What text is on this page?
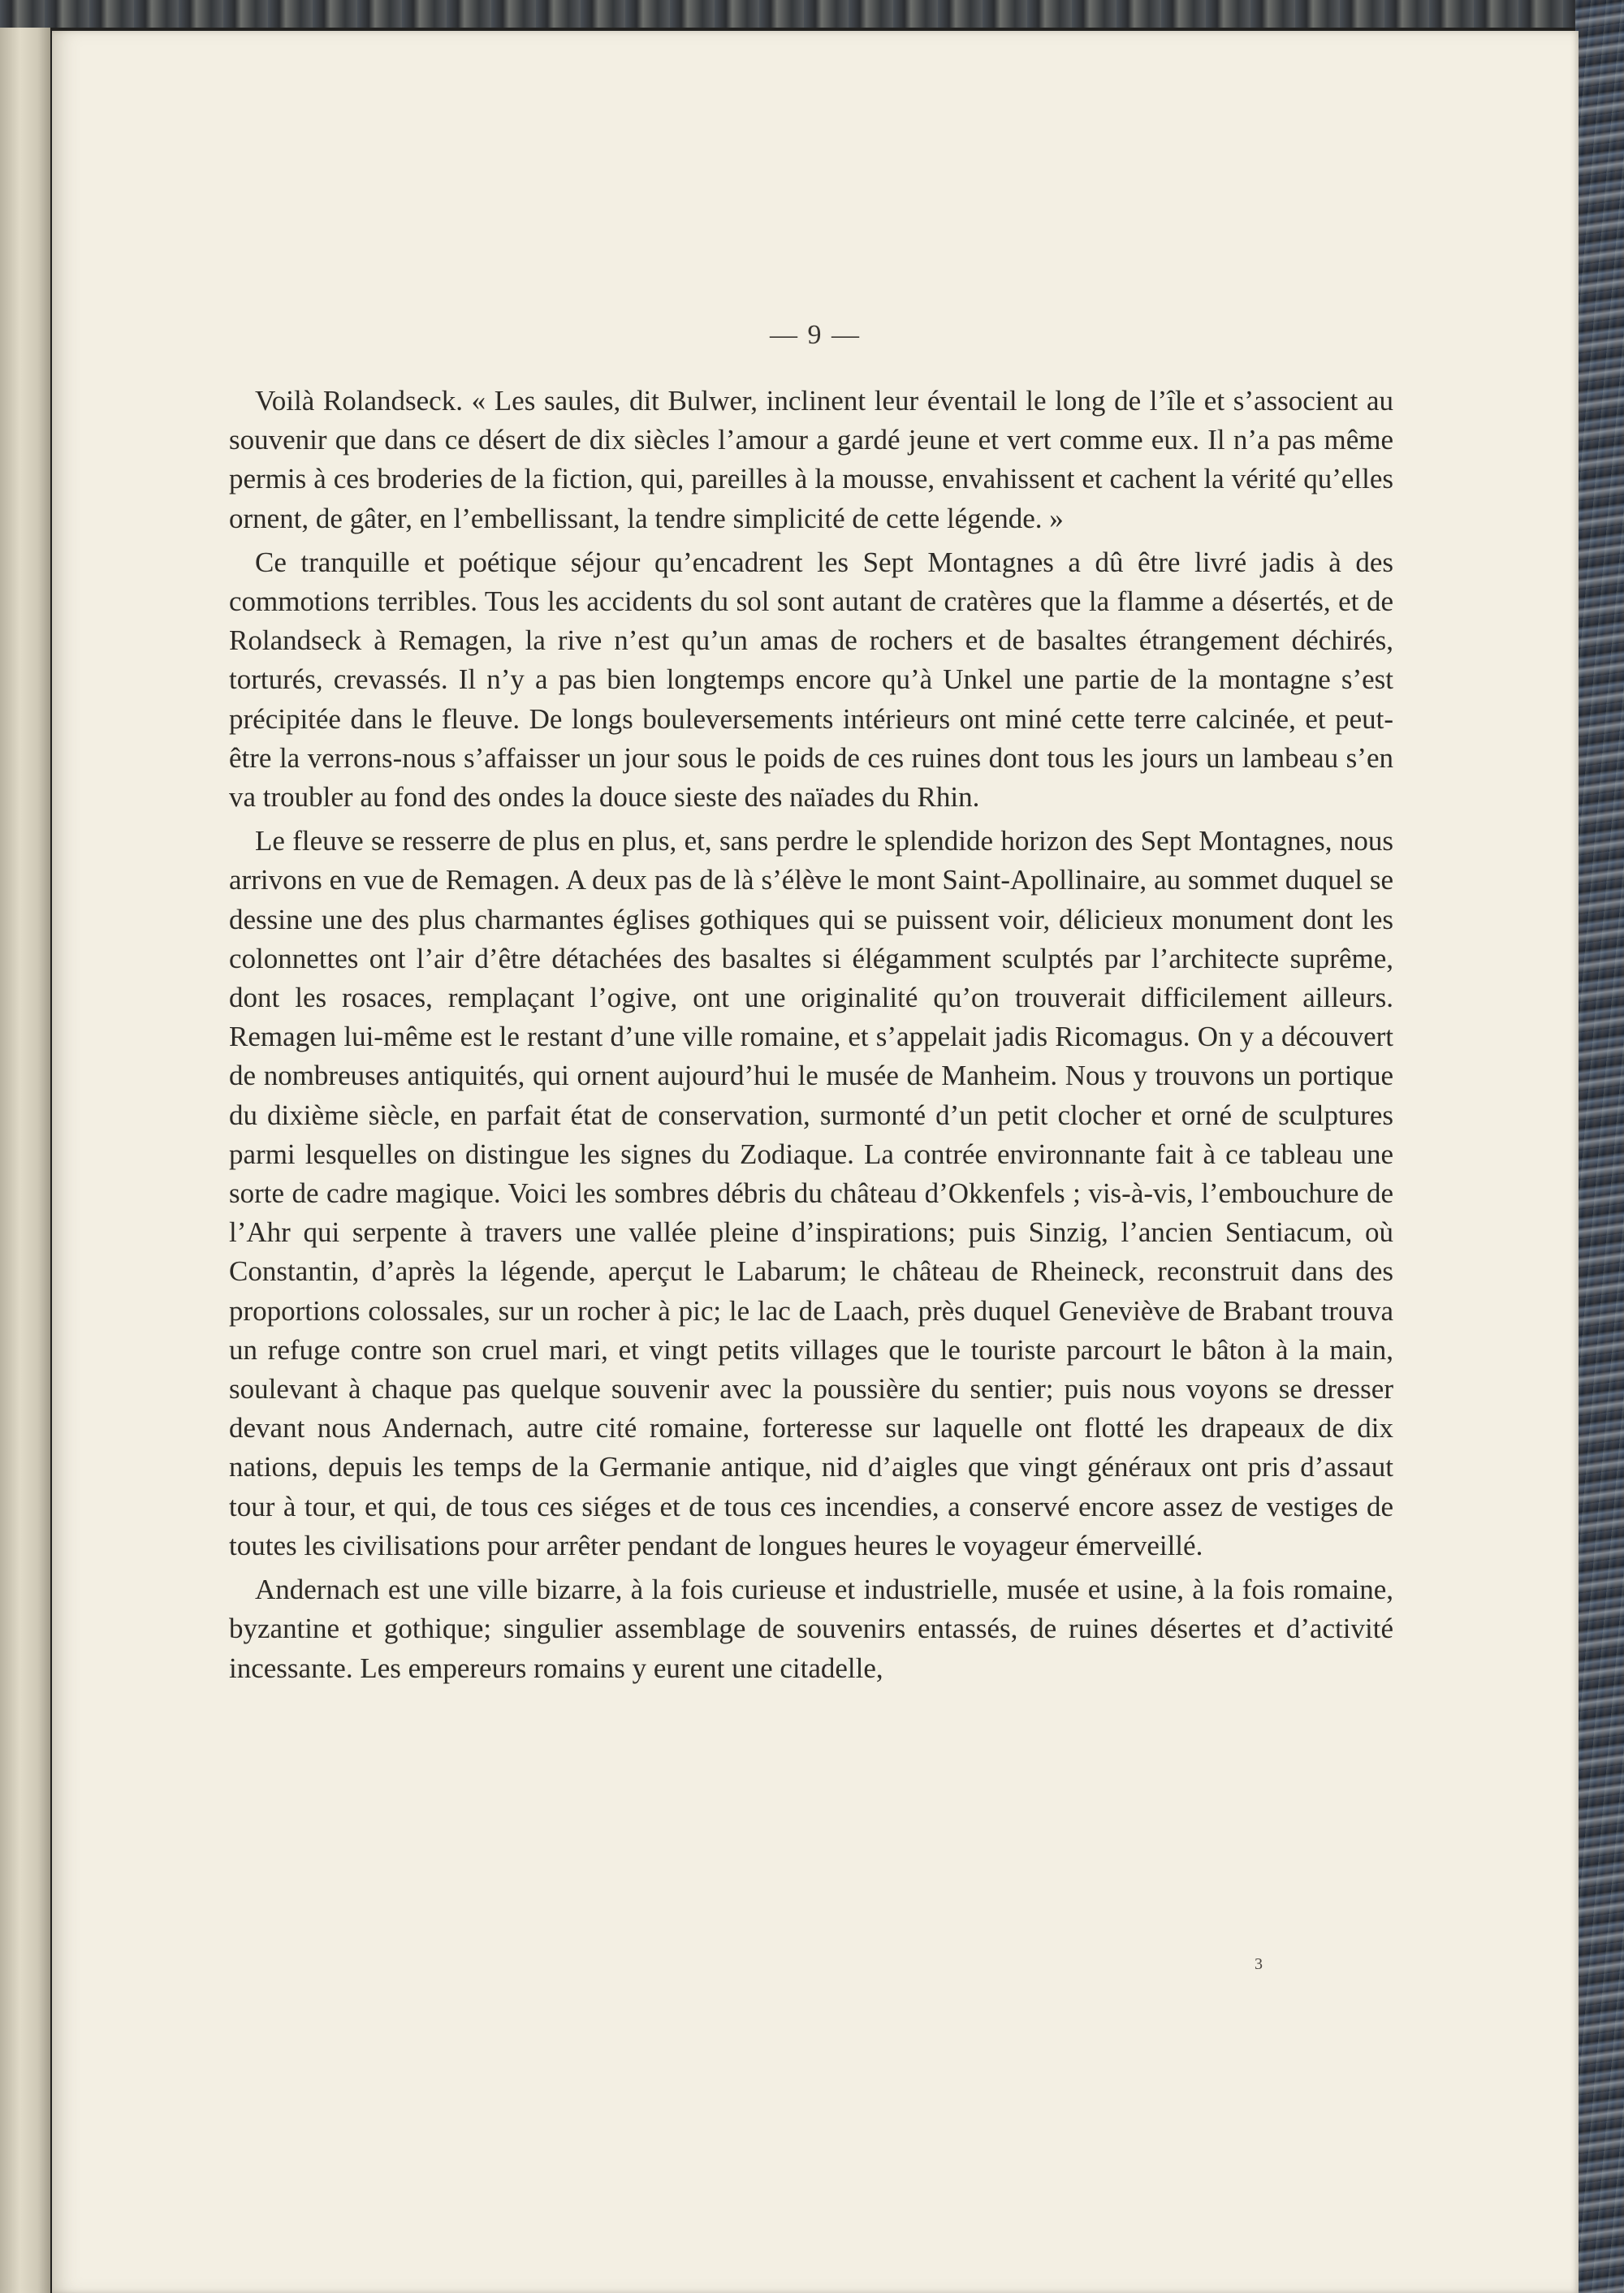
— 9 —

Voilà Rolandseck. « Les saules, dit Bulwer, inclinent leur éventail le long de l’île et s’associent au souvenir que dans ce désert de dix siècles l’amour a gardé jeune et vert comme eux. Il n’a pas même permis à ces broderies de la fiction, qui, pareilles à la mousse, envahissent et cachent la vérité qu’elles ornent, de gâter, en l’embellissant, la tendre simplicité de cette légende. »

Ce tranquille et poétique séjour qu’encadrent les Sept Montagnes a dû être livré jadis à des commotions terribles. Tous les accidents du sol sont autant de cratères que la flamme a désertés, et de Rolandseck à Remagen, la rive n’est qu’un amas de rochers et de basaltes étrangement déchirés, torturés, crevassés. Il n’y a pas bien longtemps encore qu’à Unkel une partie de la montagne s’est précipitée dans le fleuve. De longs bouleversements intérieurs ont miné cette terre calcinée, et peut-être la verrons-nous s’affaisser un jour sous le poids de ces ruines dont tous les jours un lambeau s’en va troubler au fond des ondes la douce sieste des naïades du Rhin.

Le fleuve se resserre de plus en plus, et, sans perdre le splendide horizon des Sept Montagnes, nous arrivons en vue de Remagen. A deux pas de là s’élève le mont Saint-Apollinaire, au sommet duquel se dessine une des plus charmantes églises gothiques qui se puissent voir, délicieux monument dont les colonnettes ont l’air d’être détachées des basaltes si élégamment sculptés par l’architecte suprême, dont les rosaces, remplaçant l’ogive, ont une originalité qu’on trouverait difficilement ailleurs. Remagen lui-même est le restant d’une ville romaine, et s’appelait jadis Ricomagus. On y a découvert de nombreuses antiquités, qui ornent aujourd’hui le musée de Manheim. Nous y trouvons un portique du dixième siècle, en parfait état de conservation, surmonté d’un petit clocher et orné de sculptures parmi lesquelles on distingue les signes du Zodiaque. La contrée environnante fait à ce tableau une sorte de cadre magique. Voici les sombres débris du château d’Okkenfels ; vis-à-vis, l’embouchure de l’Ahr qui serpente à travers une vallée pleine d’inspirations; puis Sinzig, l’ancien Sentiacum, où Constantin, d’après la légende, aperçut le Labarum; le château de Rheineck, reconstruit dans des proportions colossales, sur un rocher à pic; le lac de Laach, près duquel Geneviève de Brabant trouva un refuge contre son cruel mari, et vingt petits villages que le touriste parcourt le bâton à la main, soulevant à chaque pas quelque souvenir avec la poussière du sentier; puis nous voyons se dresser devant nous Andernach, autre cité romaine, forteresse sur laquelle ont flotté les drapeaux de dix nations, depuis les temps de la Germanie antique, nid d’aigles que vingt généraux ont pris d’assaut tour à tour, et qui, de tous ces siéges et de tous ces incendies, a conservé encore assez de vestiges de toutes les civilisations pour arrêter pendant de longues heures le voyageur émerveillé.

Andernach est une ville bizarre, à la fois curieuse et industrielle, musée et usine, à la fois romaine, byzantine et gothique; singulier assemblage de souvenirs entassés, de ruines désertes et d’activité incessante. Les empereurs romains y eurent une citadelle,

3
